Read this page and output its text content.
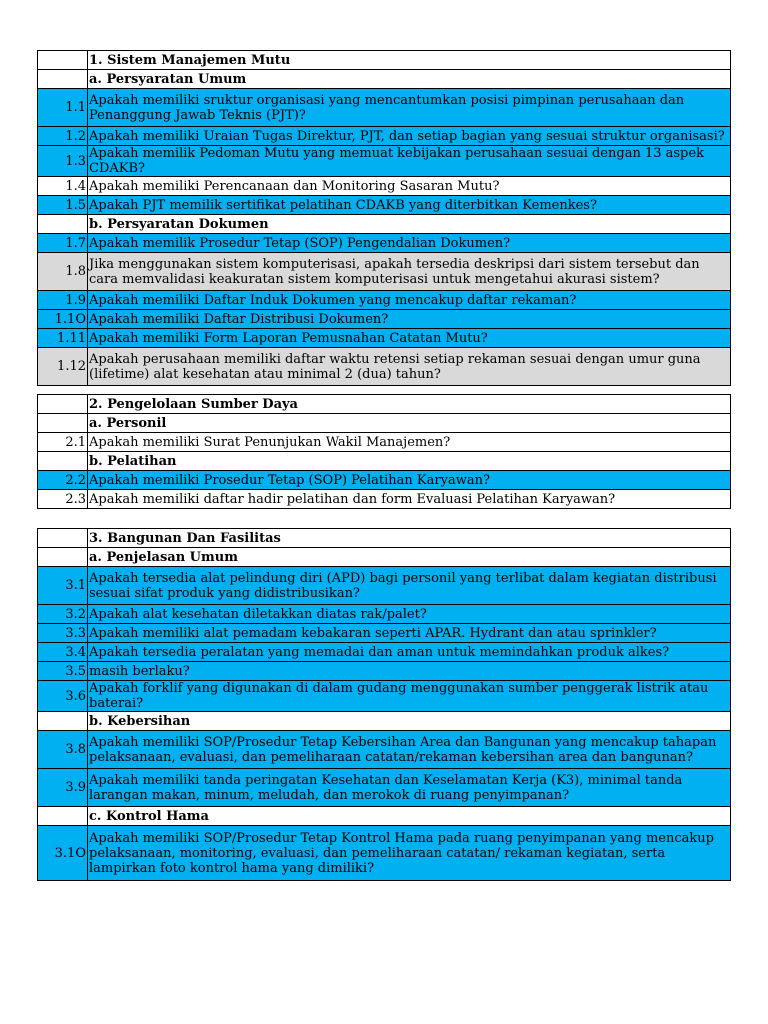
	1. Sistem Manajemen Mutu
	a. Persyaratan Umum
1.1	Apakah memiliki sruktur organisasi yang mencantumkan posisi pimpinan perusahaan dan Penanggung Jawab Teknis (PJT)?
1.2	Apakah memiliki Uraian Tugas Direktur, PJT, dan setiap bagian yang sesuai struktur organisasi?
1.3	Apakah memilik Pedoman Mutu yang memuat kebijakan perusahaan sesuai dengan 13 aspek CDAKB?
1.4	Apakah memiliki Perencanaan dan Monitoring Sasaran Mutu?
1.5	Apakah PJT memilik sertifikat pelatihan CDAKB yang diterbitkan Kemenkes?
	b. Persyaratan Dokumen
1.7	Apakah memilik Prosedur Tetap (SOP) Pengendalian Dokumen?
1.8	Jika menggunakan sistem komputerisasi, apakah tersedia deskripsi dari sistem tersebut dan cara memvalidasi keakuratan sistem komputerisasi untuk mengetahui akurasi sistem?
1.9	Apakah memiliki Daftar Induk Dokumen yang mencakup daftar rekaman?
1.1O	Apakah memiliki Daftar Distribusi Dokumen?
1.11	Apakah memiliki Form Laporan Pemusnahan Catatan Mutu?
1.12	Apakah perusahaan memiliki daftar waktu retensi setiap rekaman sesuai dengan umur guna (lifetime) alat kesehatan atau minimal 2 (dua) tahun?
	2. Pengelolaan Sumber Daya
	a. Personil
2.1	Apakah memiliki Surat Penunjukan Wakil Manajemen?
	b. Pelatihan
2.2	Apakah memiliki Prosedur Tetap (SOP) Pelatihan Karyawan?
2.3	Apakah memiliki daftar hadir pelatihan dan form Evaluasi Pelatihan Karyawan?
	3. Bangunan Dan Fasilitas
	a. Penjelasan Umum
3.1	Apakah tersedia alat pelindung diri (APD) bagi personil yang terlibat dalam kegiatan distribusi sesuai sifat produk yang didistribusikan?
3.2	Apakah alat kesehatan diletakkan diatas rak/palet?
3.3	Apakah memiliki alat pemadam kebakaran seperti APAR. Hydrant dan atau sprinkler?
3.4	Apakah tersedia peralatan yang memadai dan aman untuk memindahkan produk alkes?
3.5	masih berlaku?
3.6	Apakah forklif yang digunakan di dalam gudang menggunakan sumber penggerak listrik atau baterai?
	b. Kebersihan
3.8	Apakah memiliki SOP/Prosedur Tetap Kebersihan Area dan Bangunan yang mencakup tahapan pelaksanaan, evaluasi, dan pemeliharaan catatan/rekaman kebersihan area dan bangunan?
3.9	Apakah memiliki tanda peringatan Kesehatan dan Keselamatan Kerja (K3), minimal tanda larangan makan, minum, meludah, dan merokok di ruang penyimpanan?
	c. Kontrol Hama
3.1O	Apakah memiliki SOP/Prosedur Tetap Kontrol Hama pada ruang penyimpanan yang mencakup pelaksanaan, monitoring, evaluasi, dan pemeliharaan catatan/ rekaman kegiatan, serta lampirkan foto kontrol hama yang dimiliki?
